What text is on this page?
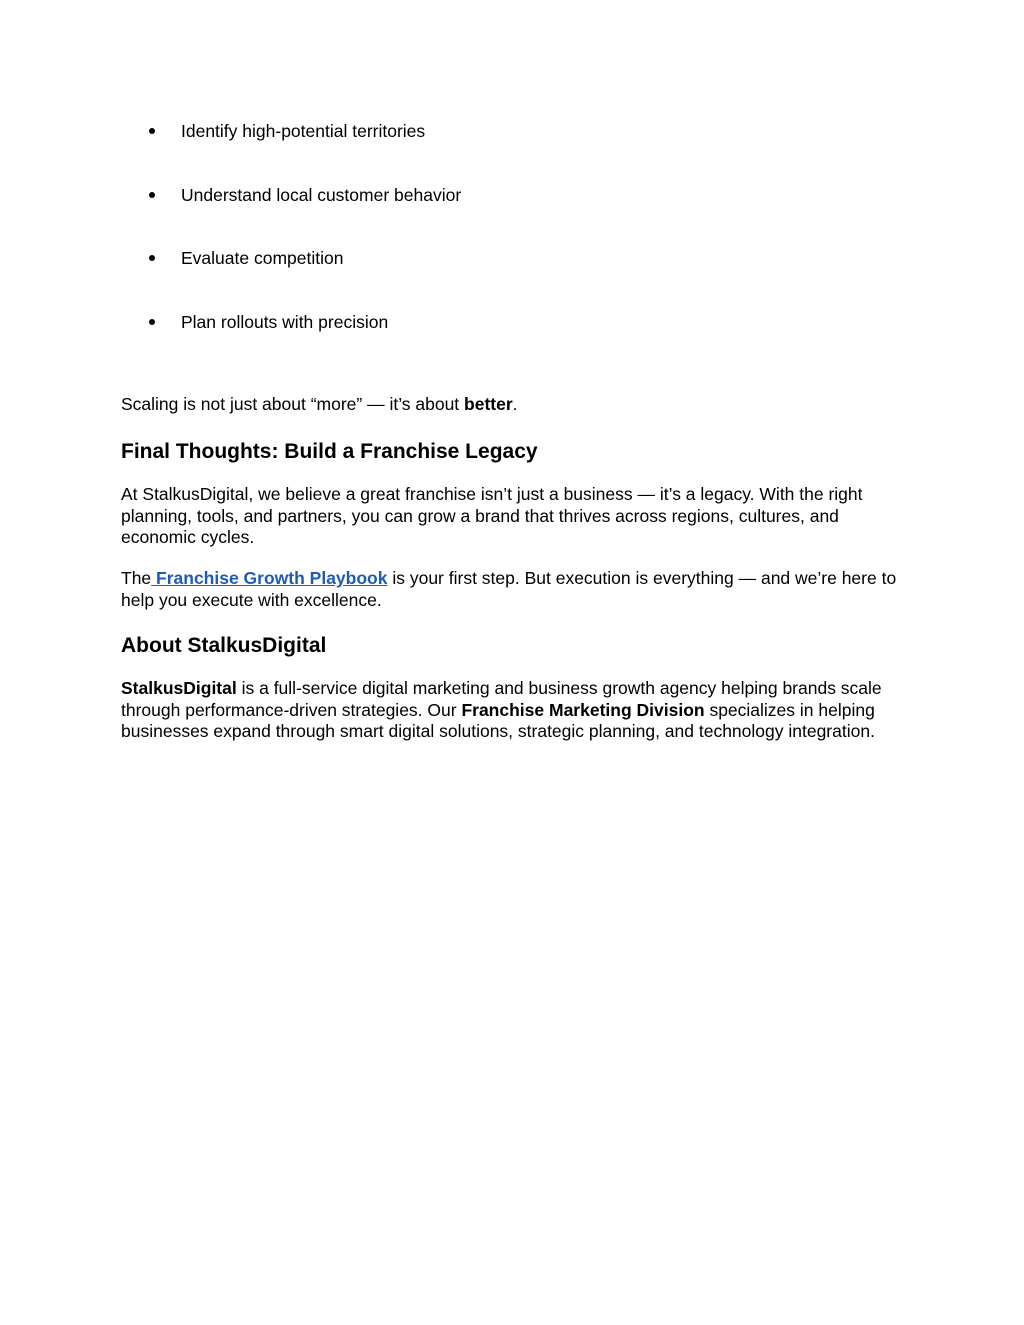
Identify high-potential territories
Understand local customer behavior
Evaluate competition
Plan rollouts with precision

Scaling is not just about “more” — it’s about better.

Final Thoughts: Build a Franchise Legacy

At StalkusDigital, we believe a great franchise isn’t just a business — it’s a legacy. With the right planning, tools, and partners, you can grow a brand that thrives across regions, cultures, and economic cycles.

The Franchise Growth Playbook is your first step. But execution is everything — and we’re here to help you execute with excellence.

About StalkusDigital

StalkusDigital is a full-service digital marketing and business growth agency helping brands scale through performance-driven strategies. Our Franchise Marketing Division specializes in helping businesses expand through smart digital solutions, strategic planning, and technology integration.
